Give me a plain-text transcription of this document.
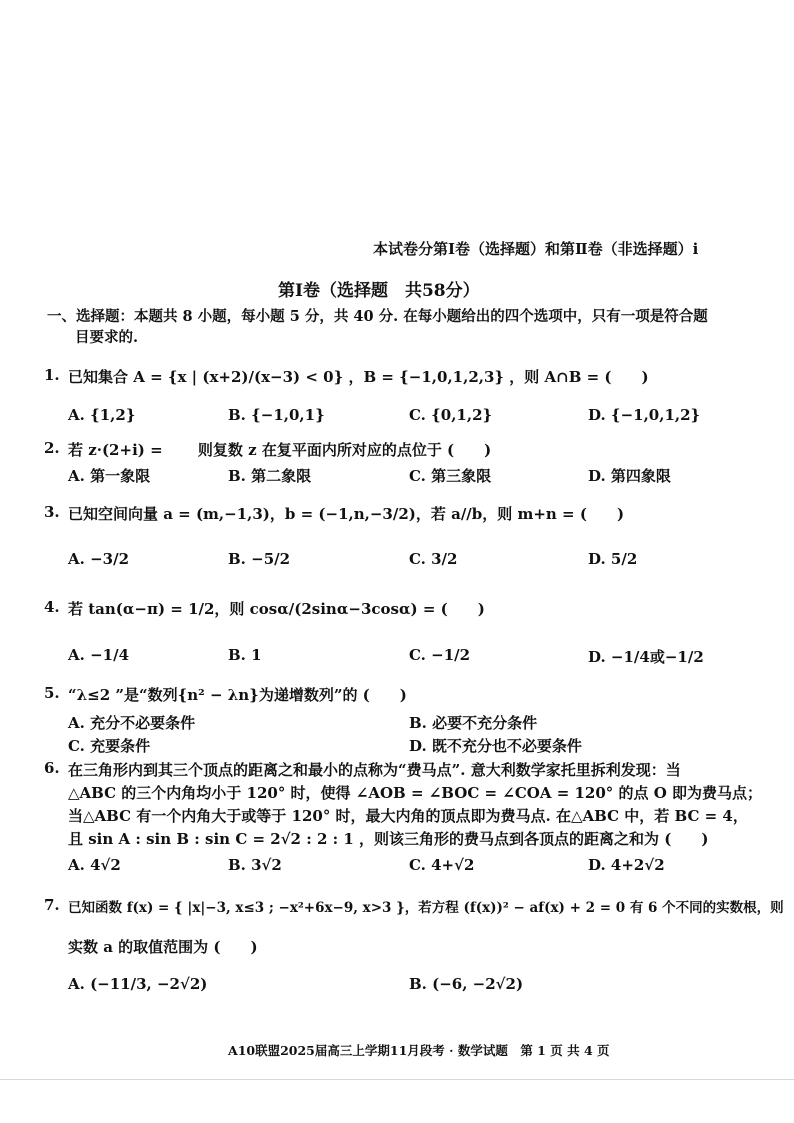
本试卷分第Ⅰ卷（选择题）和第Ⅱ卷（非选择题）i
第Ⅰ卷（选择题　共58分）
一、选择题：本题共 8 小题，每小题 5 分，共 40 分. 在每小题给出的四个选项中，只有一项是符合题
目要求的.
1. 已知集合 A = {x | (x+2)/(x−3) < 0} ，B = {−1,0,1,2,3} ，则 A∩B = (　　)
A. {1,2}	B. {−1,0,1}	C. {0,1,2}	D. {−1,0,1,2}
2. 若 z·(2+i) =　　 则复数 z 在复平面内所对应的点位于 (　　)
A. 第一象限	B. 第二象限	C. 第三象限	D. 第四象限
3. 已知空间向量 a = (m,−1,3)，b = (−1,n,−3/2)，若 a//b，则 m+n = (　　)
A. −3/2	B. −5/2	C. 3/2	D. 5/2
4. 若 tan(α−π) = 1/2，则 cosα/(2sinα−3cosα) = (　　)
A. −1/4	B. 1	C. −1/2	D. −1/4或−1/2
5. “λ≤2 ”是“数列{n² − λn}为递增数列”的 (　　)
A. 充分不必要条件	B. 必要不充分条件
C. 充要条件	D. 既不充分也不必要条件
6. 在三角形内到其三个顶点的距离之和最小的点称为“费马点”. 意大利数学家托里拆利发现：当
△ABC 的三个内角均小于 120° 时，使得 ∠AOB = ∠BOC = ∠COA = 120° 的点 O 即为费马点；
当△ABC 有一个内角大于或等于 120° 时，最大内角的顶点即为费马点. 在△ABC 中，若 BC = 4，
且 sin A : sin B : sin C = 2√2 : 2 : 1 ，则该三角形的费马点到各顶点的距离之和为 (　　)
A. 4√2	B. 3√2	C. 4+√2	D. 4+2√2
7. 已知函数 f(x) = { |x|−3, x≤3 ; −x²+6x−9, x>3 }，若方程 (f(x))² − af(x) + 2 = 0 有 6 个不同的实数根，则
实数 a 的取值范围为 (　　)
A. (−11/3, −2√2)	B. (−6, −2√2)
A10联盟2025届高三上学期11月段考 · 数学试题　第 1 页 共 4 页
